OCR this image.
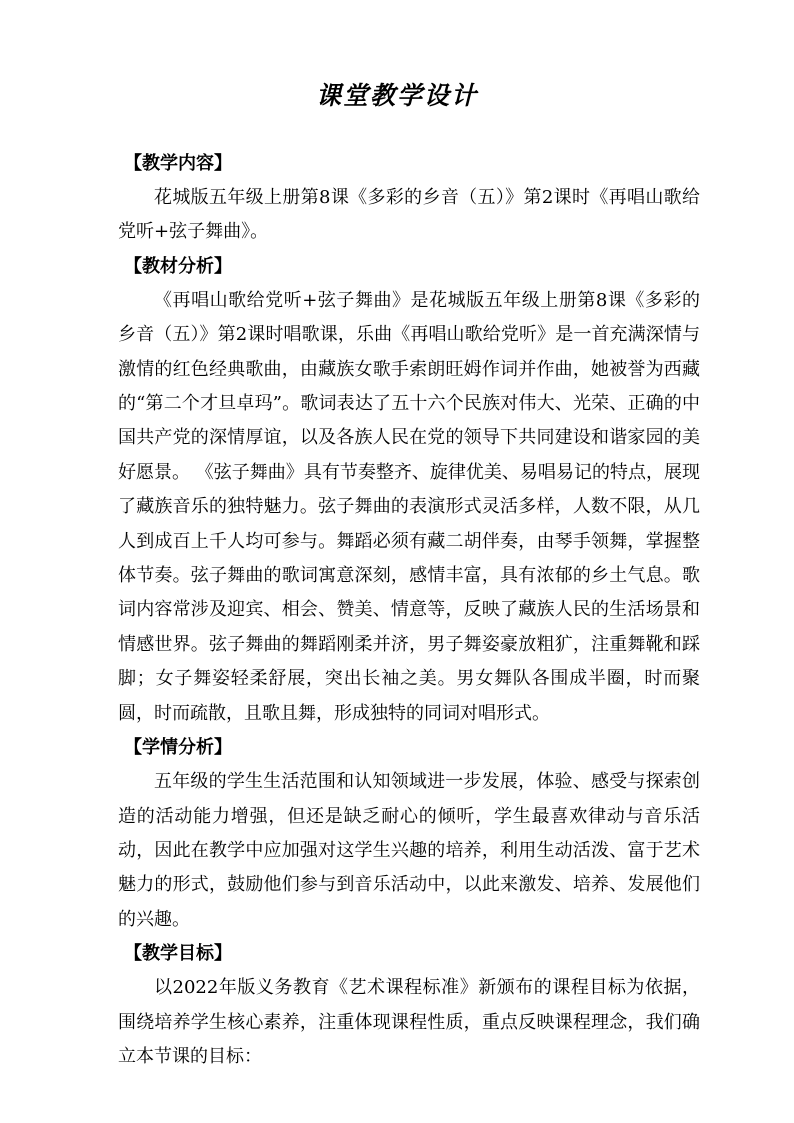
课堂教学设计
【教学内容】

花城版五年级上册第8课《多彩的乡音（五）》第2课时《再唱山歌给党听+弦子舞曲》。

【教材分析】

《再唱山歌给党听+弦子舞曲》是花城版五年级上册第8课《多彩的乡音（五）》第2课时唱歌课，乐曲《再唱山歌给党听》是一首充满深情与激情的红色经典歌曲，由藏族女歌手索朗旺姆作词并作曲，她被誉为西藏的“第二个才旦卓玛”。歌词表达了五十六个民族对伟大、光荣、正确的中国共产党的深情厚谊，以及各族人民在党的领导下共同建设和谐家园的美好愿景。 《弦子舞曲》具有节奏整齐、旋律优美、易唱易记的特点，展现了藏族音乐的独特魅力。弦子舞曲的表演形式灵活多样，人数不限，从几人到成百上千人均可参与。舞蹈必须有藏二胡伴奏，由琴手领舞，掌握整体节奏。弦子舞曲的歌词寓意深刻，感情丰富，具有浓郁的乡土气息。歌词内容常涉及迎宾、相会、赞美、情意等，反映了藏族人民的生活场景和情感世界。弦子舞曲的舞蹈刚柔并济，男子舞姿豪放粗犷，注重舞靴和踩脚；女子舞姿轻柔舒展，突出长袖之美。男女舞队各围成半圈，时而聚圆，时而疏散，且歌且舞，形成独特的同词对唱形式。

【学情分析】

五年级的学生生活范围和认知领域进一步发展，体验、感受与探索创造的活动能力增强，但还是缺乏耐心的倾听，学生最喜欢律动与音乐活动，因此在教学中应加强对这学生兴趣的培养，利用生动活泼、富于艺术魅力的形式，鼓励他们参与到音乐活动中，以此来激发、培养、发展他们的兴趣。

【教学目标】

以2022年版义务教育《艺术课程标准》新颁布的课程目标为依据，围绕培养学生核心素养，注重体现课程性质，重点反映课程理念，我们确立本节课的目标：
